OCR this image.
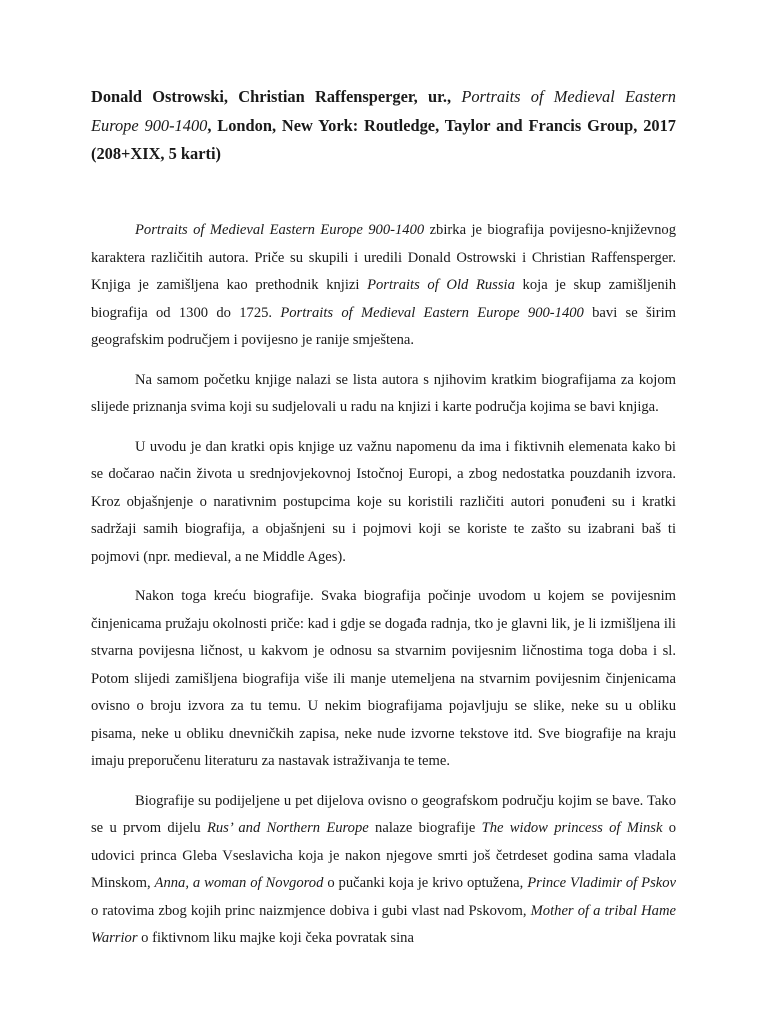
Donald Ostrowski, Christian Raffensperger, ur., Portraits of Medieval Eastern Europe 900-1400, London, New York: Routledge, Taylor and Francis Group, 2017 (208+XIX, 5 karti)

Portraits of Medieval Eastern Europe 900-1400 zbirka je biografija povijesno-književnog karaktera različitih autora. Priče su skupili i uredili Donald Ostrowski i Christian Raffensperger. Knjiga je zamišljena kao prethodnik knjizi Portraits of Old Russia koja je skup zamišljenih biografija od 1300 do 1725. Portraits of Medieval Eastern Europe 900-1400 bavi se širim geografskim područjem i povijesno je ranije smještena.

Na samom početku knjige nalazi se lista autora s njihovim kratkim biografijama za kojom slijede priznanja svima koji su sudjelovali u radu na knjizi i karte područja kojima se bavi knjiga.

U uvodu je dan kratki opis knjige uz važnu napomenu da ima i fiktivnih elemenata kako bi se dočarao način života u srednjovjekovnoj Istočnoj Europi, a zbog nedostatka pouzdanih izvora. Kroz objašnjenje o narativnim postupcima koje su koristili različiti autori ponuđeni su i kratki sadržaji samih biografija, a objašnjeni su i pojmovi koji se koriste te zašto su izabrani baš ti pojmovi (npr. medieval, a ne Middle Ages).

Nakon toga kreću biografije. Svaka biografija počinje uvodom u kojem se povijesnim činjenicama pružaju okolnosti priče: kad i gdje se događa radnja, tko je glavni lik, je li izmišljena ili stvarna povijesna ličnost, u kakvom je odnosu sa stvarnim povijesnim ličnostima toga doba i sl. Potom slijedi zamišljena biografija više ili manje utemeljena na stvarnim povijesnim činjenicama ovisno o broju izvora za tu temu. U nekim biografijama pojavljuju se slike, neke su u obliku pisama, neke u obliku dnevničkih zapisa, neke nude izvorne tekstove itd. Sve biografije na kraju imaju preporučenu literaturu za nastavak istraživanja te teme.

Biografije su podijeljene u pet dijelova ovisno o geografskom području kojim se bave. Tako se u prvom dijelu Rus’ and Northern Europe nalaze biografije The widow princess of Minsk o udovici princa Gleba Vseslavicha koja je nakon njegove smrti još četrdeset godina sama vladala Minskom, Anna, a woman of Novgorod o pučanki koja je krivo optužena, Prince Vladimir of Pskov o ratovima zbog kojih princ naizmjence dobiva i gubi vlast nad Pskovom, Mother of a tribal Hame Warrior o fiktivnom liku majke koji čeka povratak sina
